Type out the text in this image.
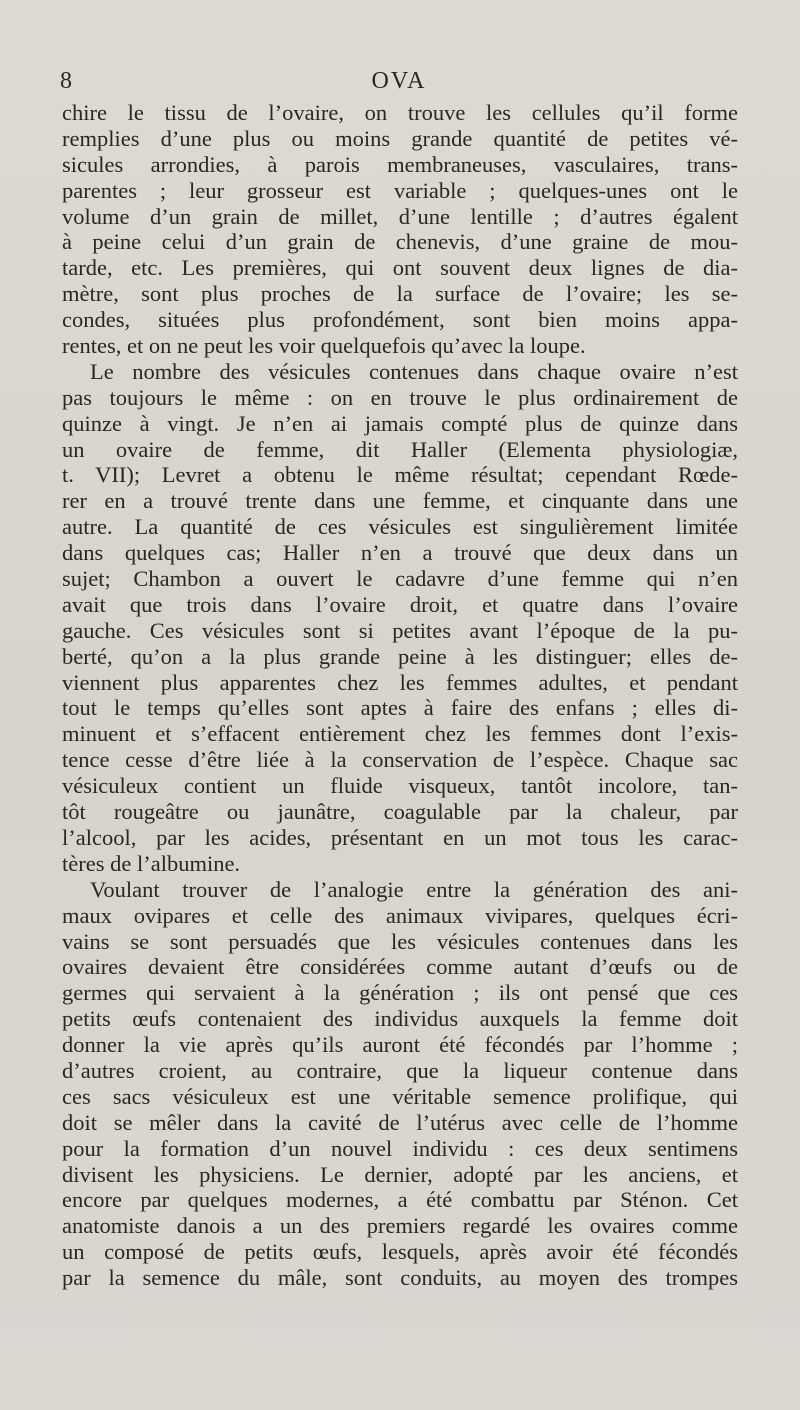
8	OVA
chire le tissu de l’ovaire, on trouve les cellules qu’il forme
remplies d’une plus ou moins grande quantité de petites vé-
sicules arrondies, à parois membraneuses, vasculaires, trans-
parentes ; leur grosseur est variable ; quelques-unes ont le
volume d’un grain de millet, d’une lentille ; d’autres égalent
à peine celui d’un grain de chenevis, d’une graine de mou-
tarde, etc. Les premières, qui ont souvent deux lignes de dia-
mètre, sont plus proches de la surface de l’ovaire; les se-
condes, situées plus profondément, sont bien moins appa-
rentes, et on ne peut les voir quelquefois qu’avec la loupe.
Le nombre des vésicules contenues dans chaque ovaire n’est
pas toujours le même : on en trouve le plus ordinairement de
quinze à vingt. Je n’en ai jamais compté plus de quinze dans
un ovaire de femme, dit Haller (Elementa physiologiæ,
t. VII); Levret a obtenu le même résultat; cependant Rœde-
rer en a trouvé trente dans une femme, et cinquante dans une
autre. La quantité de ces vésicules est singulièrement limitée
dans quelques cas; Haller n’en a trouvé que deux dans un
sujet; Chambon a ouvert le cadavre d’une femme qui n’en
avait que trois dans l’ovaire droit, et quatre dans l’ovaire
gauche. Ces vésicules sont si petites avant l’époque de la pu-
berté, qu’on a la plus grande peine à les distinguer; elles de-
viennent plus apparentes chez les femmes adultes, et pendant
tout le temps qu’elles sont aptes à faire des enfans ; elles di-
minuent et s’effacent entièrement chez les femmes dont l’exis-
tence cesse d’être liée à la conservation de l’espèce. Chaque sac
vésiculeux contient un fluide visqueux, tantôt incolore, tan-
tôt rougeâtre ou jaunâtre, coagulable par la chaleur, par
l’alcool, par les acides, présentant en un mot tous les carac-
tères de l’albumine.
Voulant trouver de l’analogie entre la génération des ani-
maux ovipares et celle des animaux vivipares, quelques écri-
vains se sont persuadés que les vésicules contenues dans les
ovaires devaient être considérées comme autant d’œufs ou de
germes qui servaient à la génération ; ils ont pensé que ces
petits œufs contenaient des individus auxquels la femme doit
donner la vie après qu’ils auront été fécondés par l’homme ;
d’autres croient, au contraire, que la liqueur contenue dans
ces sacs vésiculeux est une véritable semence prolifique, qui
doit se mêler dans la cavité de l’utérus avec celle de l’homme
pour la formation d’un nouvel individu : ces deux sentimens
divisent les physiciens. Le dernier, adopté par les anciens, et
encore par quelques modernes, a été combattu par Sténon. Cet
anatomiste danois a un des premiers regardé les ovaires comme
un composé de petits œufs, lesquels, après avoir été fécondés
par la semence du mâle, sont conduits, au moyen des trompes
